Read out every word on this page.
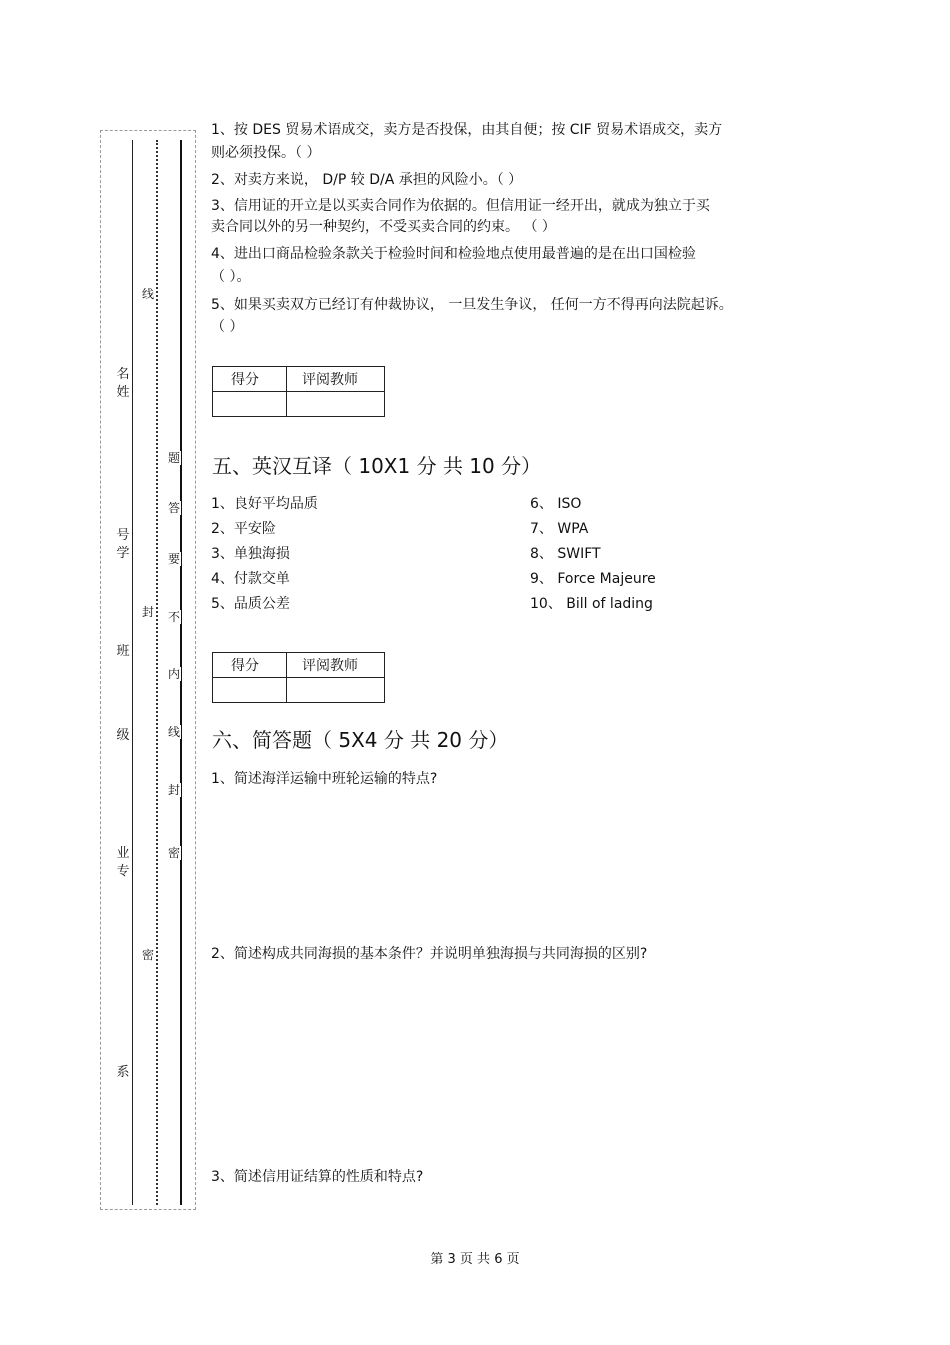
名姓
号学
班
级
业专
系
线
封
密
题
答
要
不
内
线
封
密
1、按 DES 贸易术语成交，卖方是否投保，由其自便；按 CIF 贸易术语成交，卖方
则必须投保。（ ）
2、对卖方来说， D/P 较 D/A 承担的风险小。（ ）
3、信用证的开立是以买卖合同作为依据的。但信用证一经开出，就成为独立于买
卖合同以外的另一种契约，不受买卖合同的约束。 （ ）
4、进出口商品检验条款关于检验时间和检验地点使用最普遍的是在出口国检验
（ ）。
5、如果买卖双方已经订有仲裁协议， 一旦发生争议， 任何一方不得再向法院起诉。
（ ）
得分	评阅教师

五、英汉互译（ 10X1 分 共 10 分）
1、良好平均品质
2、平安险
3、单独海损
4、付款交单
5、品质公差
6、 ISO
7、 WPA
8、 SWIFT
9、 Force Majeure
10、 Bill of lading
得分	评阅教师

六、简答题（ 5X4 分 共 20 分）
1、简述海洋运输中班轮运输的特点?
2、简述构成共同海损的基本条件？并说明单独海损与共同海损的区别?
3、简述信用证结算的性质和特点?
第 3 页 共 6 页
